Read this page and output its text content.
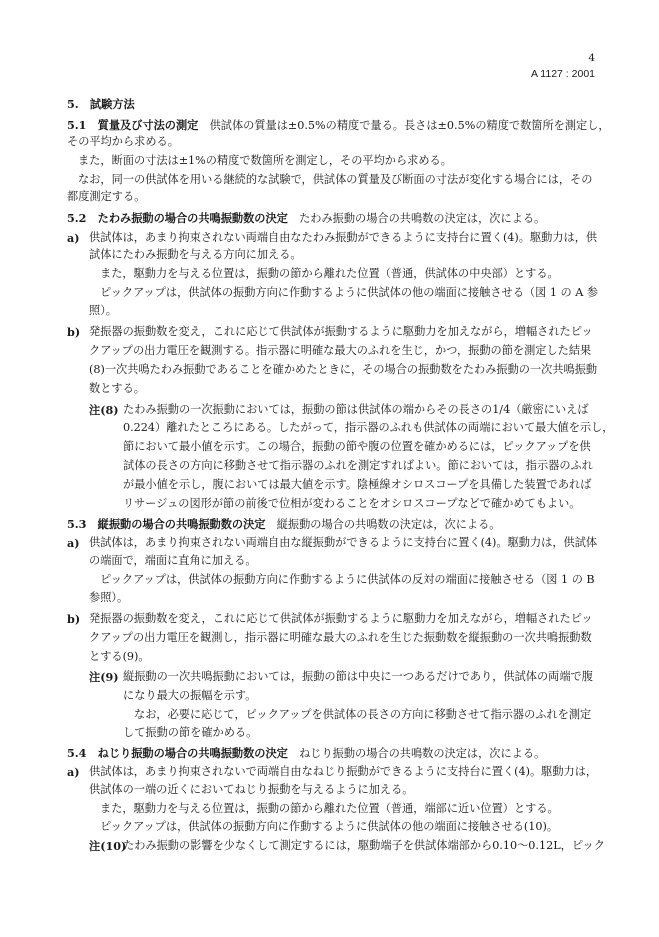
4
A 1127 : 2001
5.　 試験方法
5.1　 質量及び寸法の測定　供試体の質量は±0.5%の精度で量る。長さは±0.5%の精度で数箇所を測定し，
その平均から求める。
また，断面の寸法は±1%の精度で数箇所を測定し，その平均から求める。
なお，同一の供試体を用いる継続的な試験で，供試体の質量及び断面の寸法が変化する場合には，その
都度測定する。
5.2　 たわみ振動の場合の共鳴振動数の決定　たわみ振動の場合の共鳴数の決定は，次による。
a) 供試体は，あまり拘束されない両端自由なたわみ振動ができるように支持台に置く(4)。駆動力は，供
試体にたわみ振動を与える方向に加える。
また，駆動力を与える位置は，振動の節から離れた位置（普通，供試体の中央部）とする。
ピックアップは，供試体の振動方向に作動するように供試体の他の端面に接触させる（図 1 の A 参
照）。
b) 発振器の振動数を変え，これに応じて供試体が振動するように駆動力を加えながら，増幅されたピッ
クアップの出力電圧を観測する。指示器に明確な最大のふれを生じ，かつ，振動の節を測定した結果
(8)一次共鳴たわみ振動であることを確かめたときに，その場合の振動数をたわみ振動の一次共鳴振動
数とする。
注(8) たわみ振動の一次振動においては，振動の節は供試体の端からその長さの1/4（厳密にいえば
0.224）離れたところにある。したがって，指示器のふれも供試体の両端において最大値を示し，
節において最小値を示す。この場合，振動の節や腹の位置を確かめるには，ピックアップを供
試体の長さの方向に移動させて指示器のふれを測定すればよい。節においては，指示器のふれ
が最小値を示し，腹においては最大値を示す。陰極線オシロスコープを具備した装置であれば
リサージュの図形が節の前後で位相が変わることをオシロスコープなどで確かめてもよい。
5.3　 縦振動の場合の共鳴振動数の決定　縦振動の場合の共鳴数の決定は，次による。
a) 供試体は，あまり拘束されない両端自由な縦振動ができるように支持台に置く(4)。駆動力は，供試体
の端面で，端面に直角に加える。
ピックアップは，供試体の振動方向に作動するように供試体の反対の端面に接触させる（図 1 の B
参照）。
b) 発振器の振動数を変え，これに応じて供試体が振動するように駆動力を加えながら，増幅されたピッ
クアップの出力電圧を観測し，指示器に明確な最大のふれを生じた振動数を縦振動の一次共鳴振動数
とする(9)。
注(9) 縦振動の一次共鳴振動においては，振動の節は中央に一つあるだけであり，供試体の両端で腹
になり最大の振幅を示す。
なお，必要に応じて，ピックアップを供試体の長さの方向に移動させて指示器のふれを測定
して振動の節を確かめる。
5.4　 ねじり振動の場合の共鳴振動数の決定　ねじり振動の場合の共鳴数の決定は，次による。
a) 供試体は，あまり拘束されないで両端自由なねじり振動ができるように支持台に置く(4)。駆動力は，
供試体の一端の近くにおいてねじり振動を与えるように加える。
また，駆動力を与える位置は，振動の節から離れた位置（普通，端部に近い位置）とする。
ピックアップは，供試体の振動方向に作動するように供試体の他の端面に接触させる(10)。
注(10)
たわみ振動の影響を少なくして測定するには，駆動端子を供試体端部から0.10～0.12L，ピック
